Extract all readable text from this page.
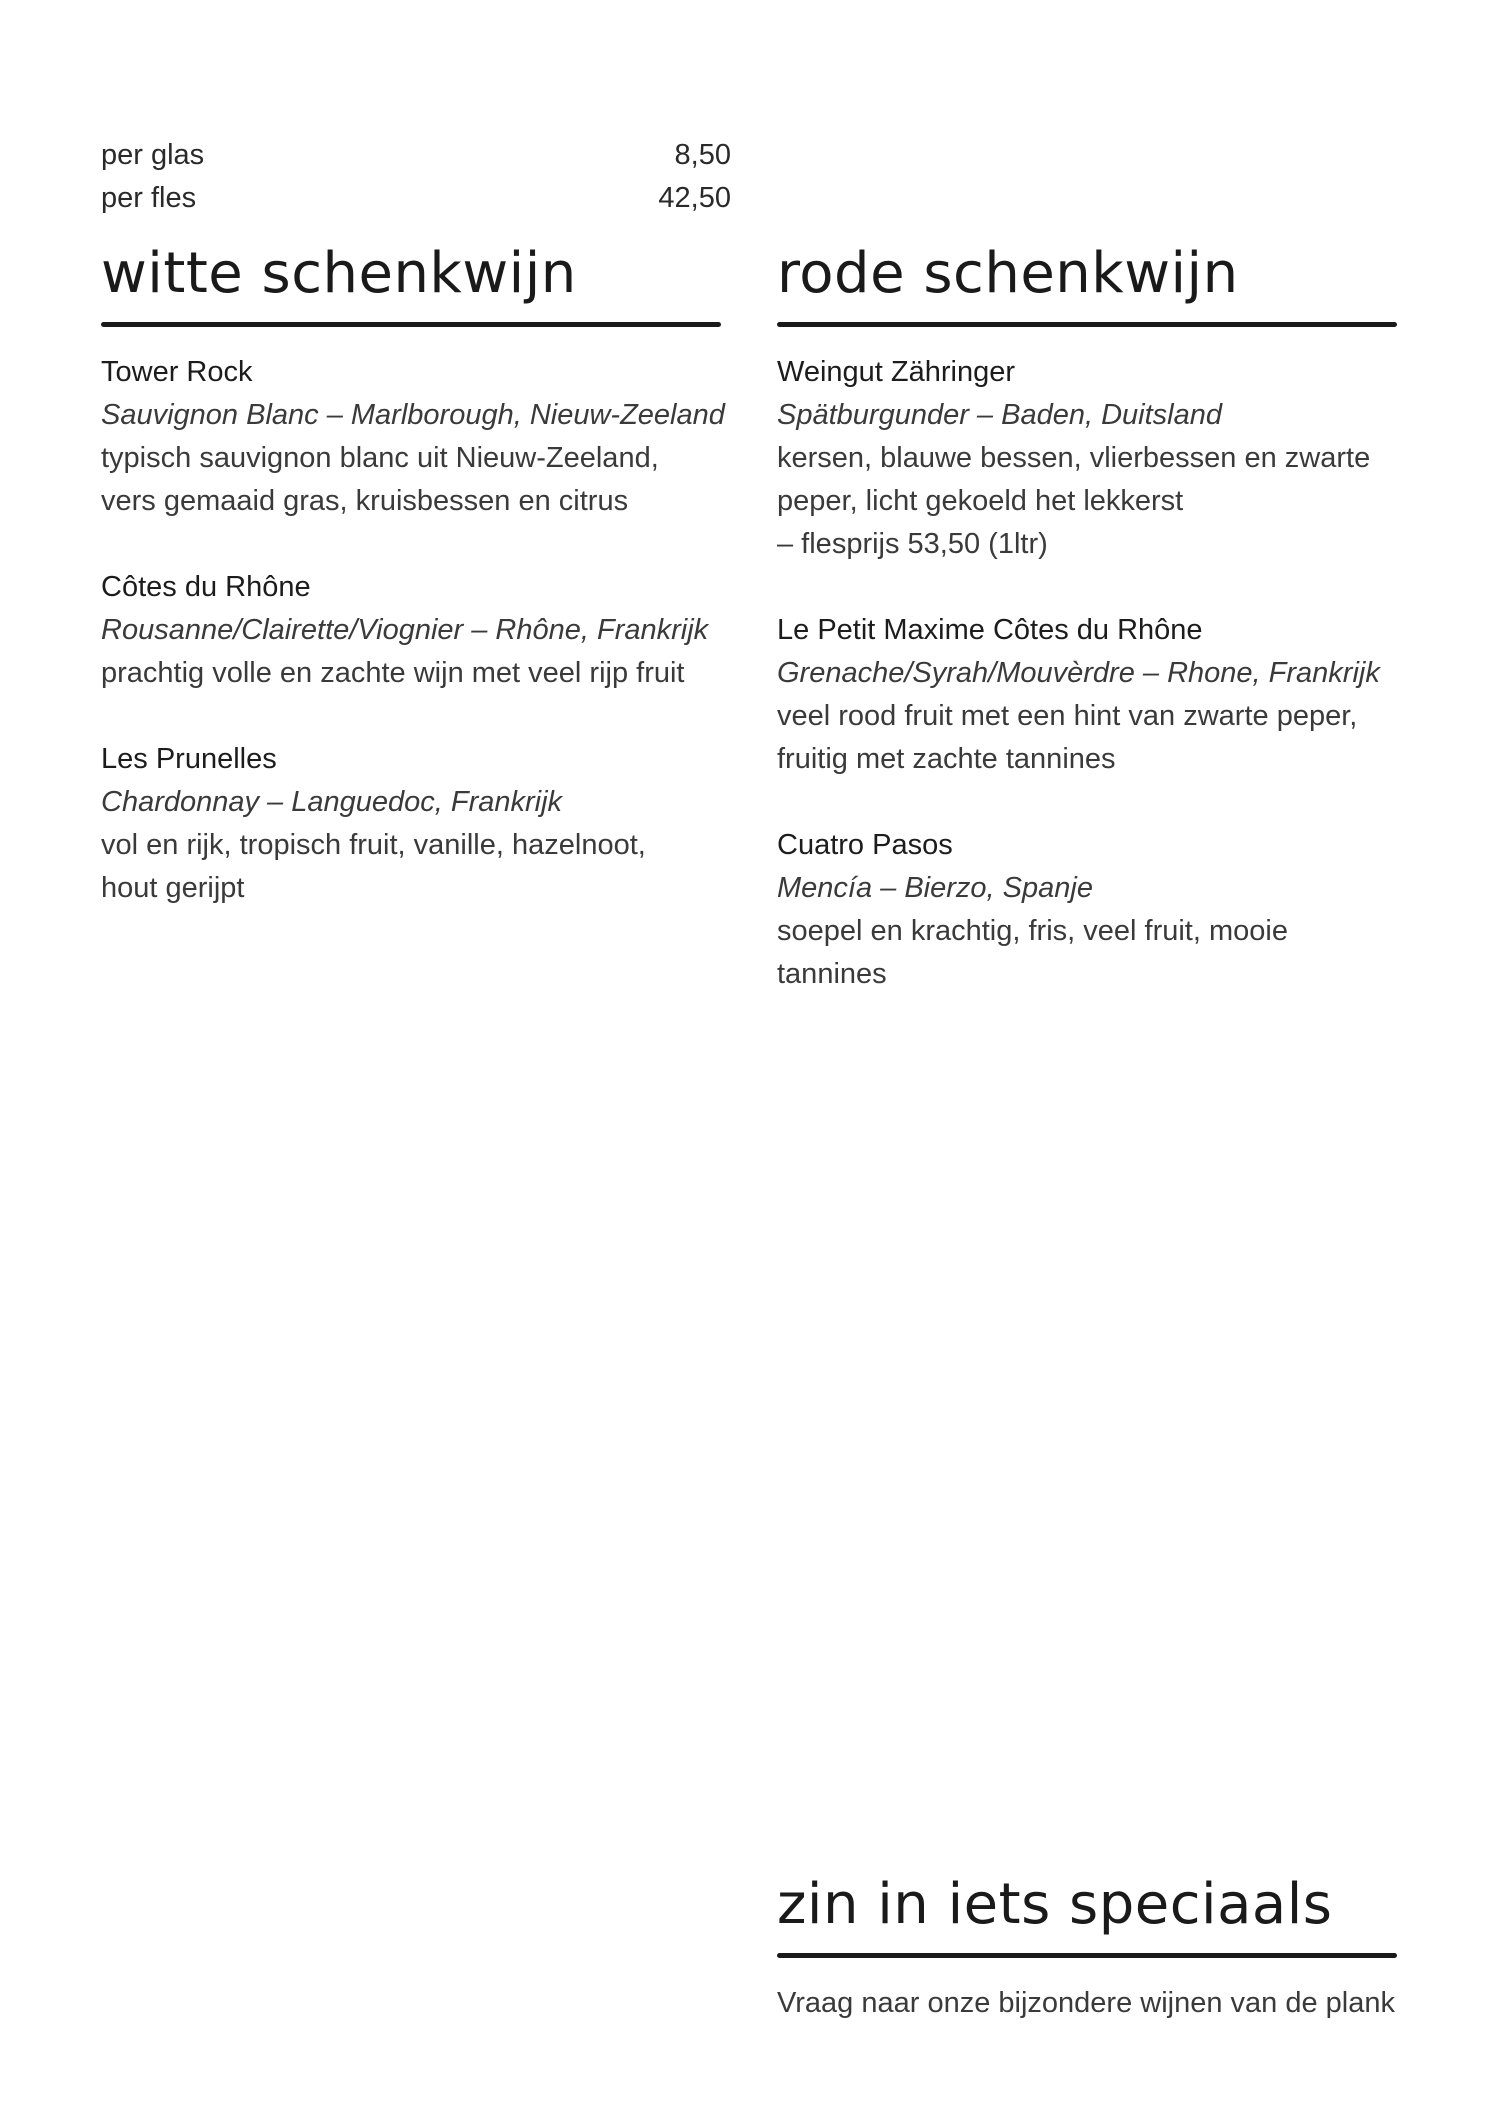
per glas	8,50
per fles	42,50
witte schenkwijn
Tower Rock
Sauvignon Blanc – Marlborough, Nieuw-Zeeland
typisch sauvignon blanc uit Nieuw-Zeeland,
vers gemaaid gras, kruisbessen en citrus
Côtes du Rhône
Rousanne/Clairette/Viognier – Rhône, Frankrijk
prachtig volle en zachte wijn met veel rijp fruit
Les Prunelles
Chardonnay – Languedoc, Frankrijk
vol en rijk, tropisch fruit, vanille, hazelnoot,
hout gerijpt
rode schenkwijn
Weingut Zähringer
Spätburgunder – Baden, Duitsland
kersen, blauwe bessen, vlierbessen en zwarte
peper, licht gekoeld het lekkerst
– flesprijs 53,50 (1ltr)
Le Petit Maxime Côtes du Rhône
Grenache/Syrah/Mouvèrdre – Rhone, Frankrijk
veel rood fruit met een hint van zwarte peper,
fruitig met zachte tannines
Cuatro Pasos
Mencía – Bierzo, Spanje
soepel en krachtig, fris, veel fruit, mooie
tannines
zin in iets speciaals
Vraag naar onze bijzondere wijnen van de plank
